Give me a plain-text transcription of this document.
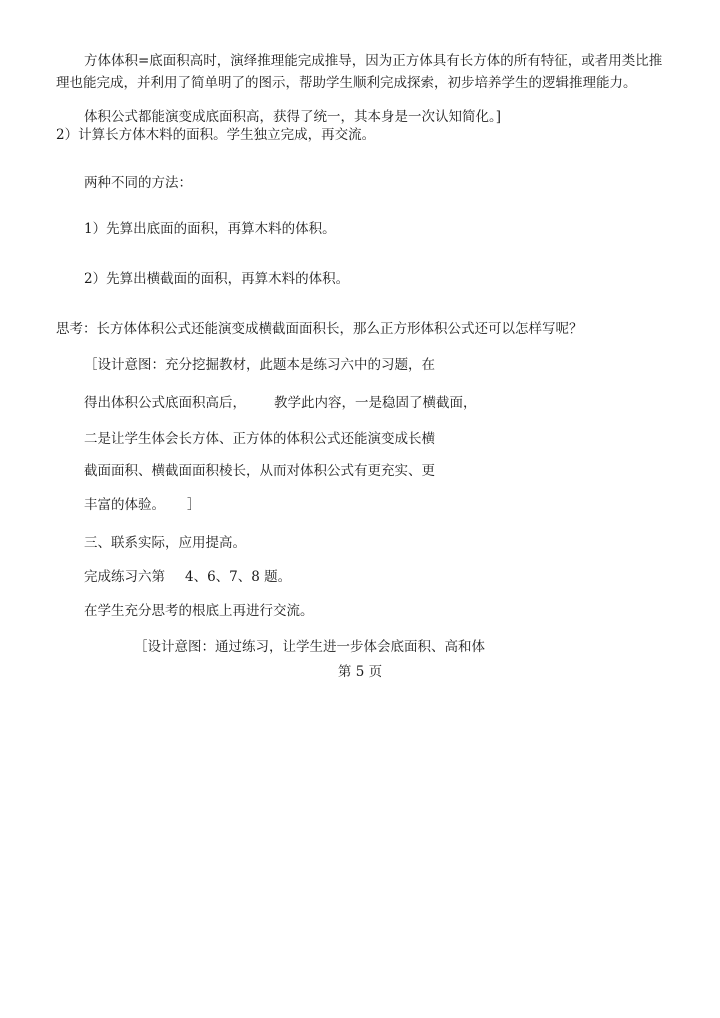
方体体积=底面积高时，演绎推理能完成推导，因为正方体具有长方体的所有特征，或者用类比推
理也能完成，并利用了简单明了的图示，帮助学生顺利完成探索，初步培养学生的逻辑推理能力。
体积公式都能演变成底面积高，获得了统一，其本身是一次认知简化。]
2）计算长方体木料的面积。学生独立完成，再交流。
两种不同的方法：
1）先算出底面的面积，再算木料的体积。
2）先算出横截面的面积，再算木料的体积。
思考：长方体体积公式还能演变成横截面面积长，那么正方形体积公式还可以怎样写呢？
［设计意图：充分挖掘教材，此题本是练习六中的习题，在
得出体积公式底面积高后， 教学此内容，一是稳固了横截面，
二是让学生体会长方体、正方体的体积公式还能演变成长横
截面面积、横截面面积棱长，从而对体积公式有更充实、更
丰富的体验。 ］
三、联系实际，应用提高。
完成练习六第 4、6、7、8 题。
在学生充分思考的根底上再进行交流。
［设计意图：通过练习，让学生进一步体会底面积、高和体
第 5 页
